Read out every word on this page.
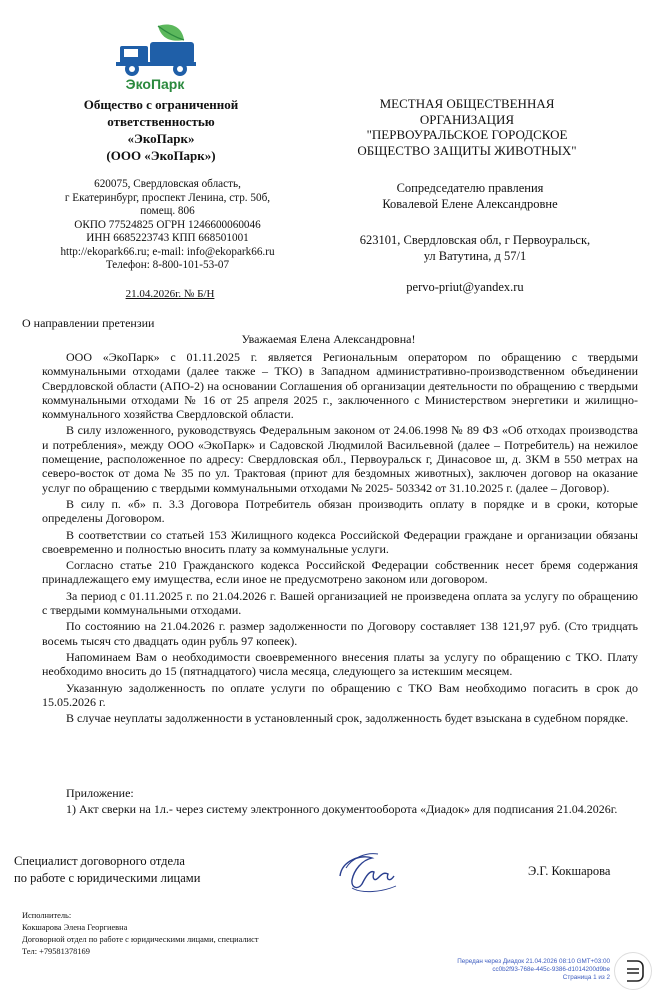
ЭкоПарк
Общество с ограниченной
ответственностью
«ЭкоПарк»
(ООО «ЭкоПарк»)
620075, Свердловская область,
г Екатеринбург, проспект Ленина, стр. 50б,
помещ. 806
ОКПО 77524825 ОГРН 1246600060046
ИНН 6685223743 КПП 668501001
http://ekopark66.ru; e-mail: info@ekopark66.ru
Телефон: 8-800-101-53-07
21.04.2026г. № Б/Н
МЕСТНАЯ ОБЩЕСТВЕННАЯ
ОРГАНИЗАЦИЯ
"ПЕРВОУРАЛЬСКОЕ ГОРОДСКОЕ
ОБЩЕСТВО ЗАЩИТЫ ЖИВОТНЫХ"
Сопредседателю правления
Ковалевой Елене Александровне
623101, Свердловская обл, г Первоуральск,
ул Ватутина, д 57/1
pervo-priut@yandex.ru
О направлении претензии
Уважаемая Елена Александровна!

ООО «ЭкоПарк» с 01.11.2025 г. является Региональным оператором по обращению с твердыми коммунальными отходами (далее также – ТКО) в Западном административно-производственном объединении Свердловской области (АПО-2) на основании Соглашения об организации деятельности по обращению с твердыми коммунальными отходами № 16 от 25 апреля 2025 г., заключенного с Министерством энергетики и жилищно-коммунального хозяйства Свердловской области.

В силу изложенного, руководствуясь Федеральным законом от 24.06.1998 № 89 ФЗ «Об отходах производства и потребления», между ООО «ЭкоПарк» и Садовской Людмилой Васильевной (далее – Потребитель) на нежилое помещение, расположенное по адресу: Свердловская обл., Первоуральск г, Динасовое ш, д. 3КМ в 550 метрах на северо-восток от дома № 35 по ул. Трактовая (приют для бездомных животных), заключен договор на оказание услуг по обращению с твердыми коммунальными отходами № 2025- 503342 от 31.10.2025 г. (далее – Договор).

В силу п. «б» п. 3.3 Договора Потребитель обязан производить оплату в порядке и в сроки, которые определены Договором.

В соответствии со статьей 153 Жилищного кодекса Российской Федерации граждане и организации обязаны своевременно и полностью вносить плату за коммунальные услуги.

Согласно статье 210 Гражданского кодекса Российской Федерации собственник несет бремя содержания принадлежащего ему имущества, если иное не предусмотрено законом или договором.

За период с 01.11.2025 г. по 21.04.2026 г. Вашей организацией не произведена оплата за услугу по обращению с твердыми коммунальными отходами.

По состоянию на 21.04.2026 г. размер задолженности по Договору составляет 138 121,97 руб. (Сто тридцать восемь тысяч сто двадцать один рубль 97 копеек).

Напоминаем Вам о необходимости своевременного внесения платы за услугу по обращению с ТКО. Плату необходимо вносить до 15 (пятнадцатого) числа месяца, следующего за истекшим месяцем.

Указанную задолженность по оплате услуги по обращению с ТКО Вам необходимо погасить в срок до 15.05.2026 г.

В случае неуплаты задолженности в установленный срок, задолженность будет взыскана в судебном порядке.

Приложение:
1) Акт сверки на 1л.- через систему электронного документооборота «Диадок» для подписания 21.04.2026г.
Специалист договорного отдела
по работе с юридическими лицами	Э.Г. Кокшарова
Исполнитель:
Кокшарова Элена Георгиевна
Договорной отдел по работе с юридическими лицами, специалист
Тел: +79581378169
Передан через Диадок 21.04.2026 08:10 GMT+03:00
cc0b2f93-768e-445c-9386-d1014200d9be
Страница 1 из 2
